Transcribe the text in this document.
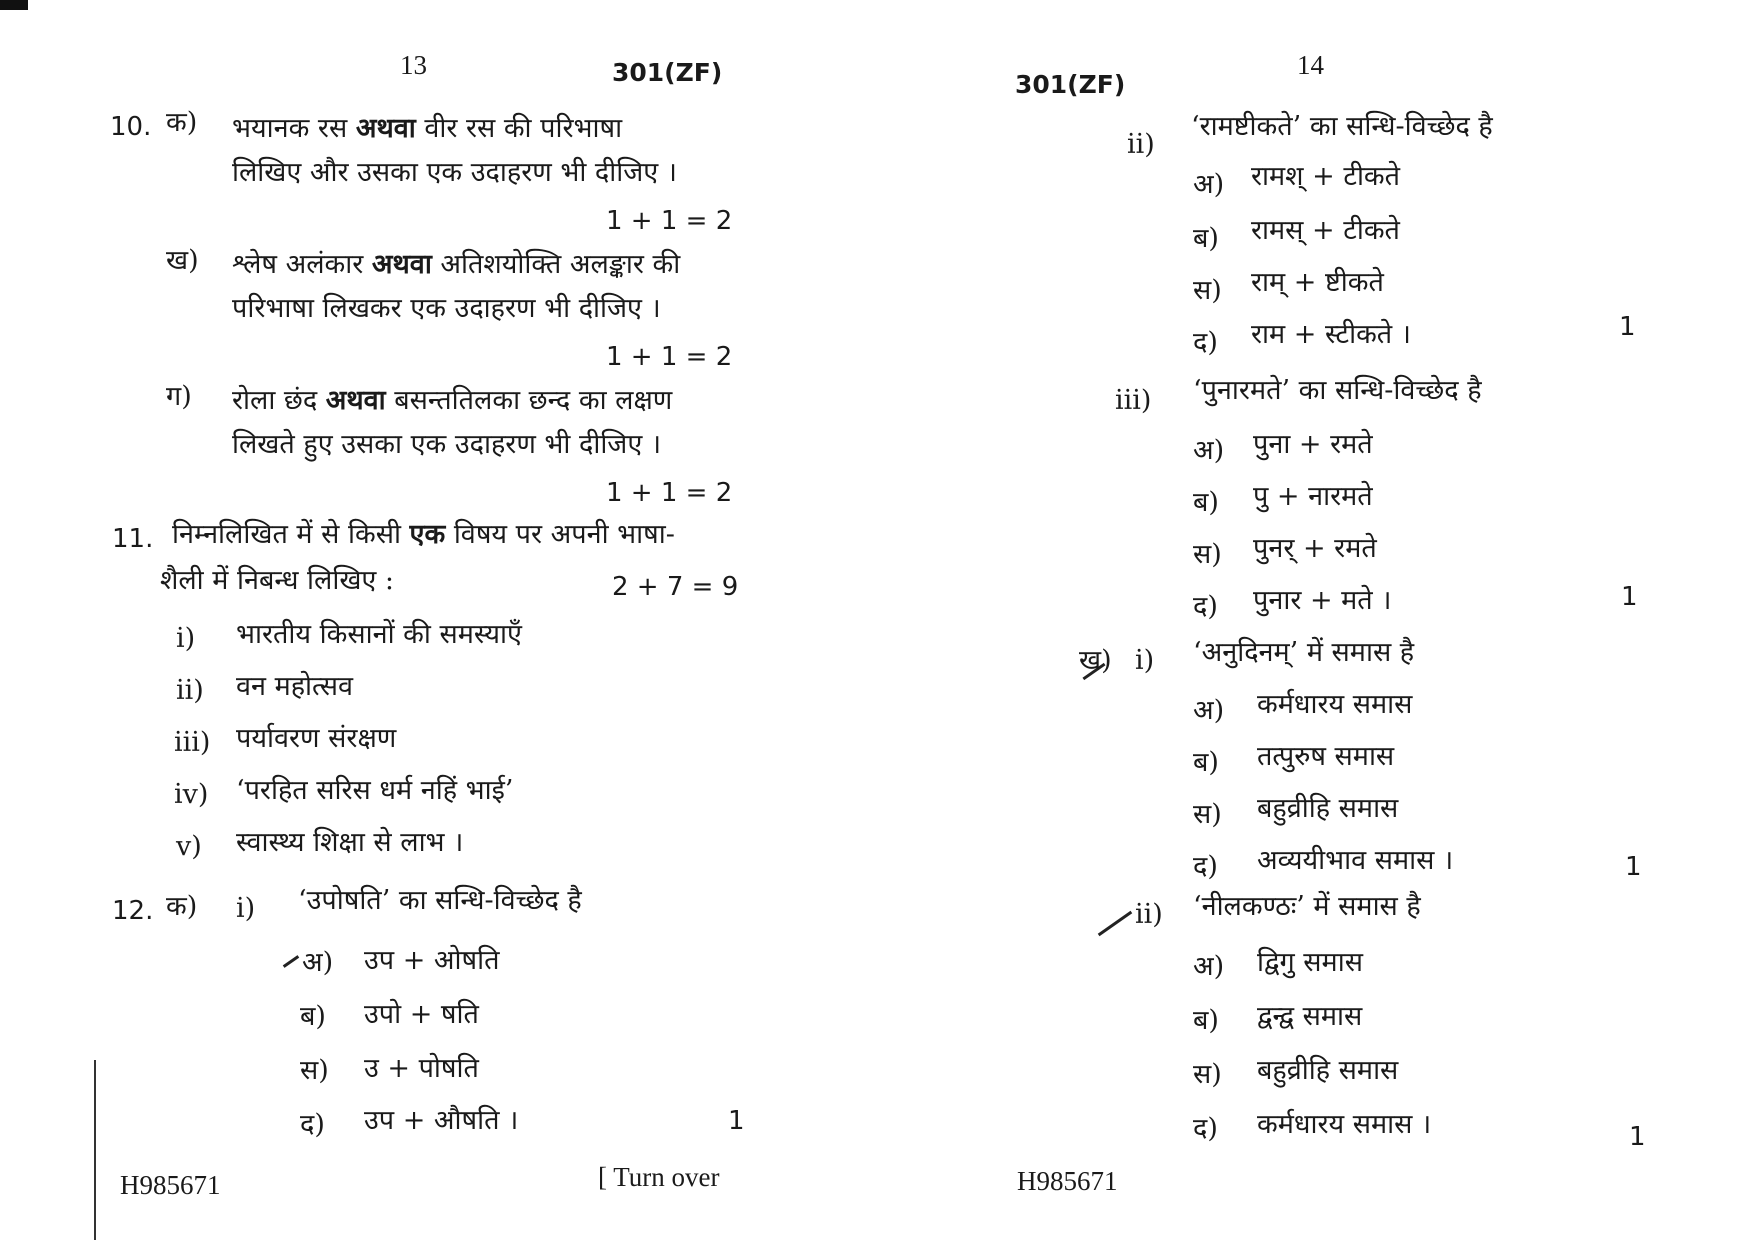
13	301(ZF)
10. क) भयानक रस अथवा वीर रस की परिभाषा
लिखिए और उसका एक उदाहरण भी दीजिए ।
1 + 1 = 2
ख) श्लेष अलंकार अथवा अतिशयोक्ति अलङ्कार की
परिभाषा लिखकर एक उदाहरण भी दीजिए ।
1 + 1 = 2
ग) रोला छंद अथवा बसन्ततिलका छन्द का लक्षण
लिखते हुए उसका एक उदाहरण भी दीजिए ।
1 + 1 = 2
11. निम्नलिखित में से किसी एक विषय पर अपनी भाषा-
शैली में निबन्ध लिखिए :	2 + 7 = 9
i) भारतीय किसानों की समस्याएँ
ii) वन महोत्सव
iii) पर्यावरण संरक्षण
iv) ‘परहित सरिस धर्म नहिं भाई’
v) स्वास्थ्य शिक्षा से लाभ ।
12. क) i) ‘उपोषति’ का सन्धि-विच्छेद है
अ) उप + ओषति
ब) उपो + षति
स) उ + पोषति
द) उप + औषति ।	1
H985671	[ Turn over
301(ZF)
14
ii)
‘रामष्टीकते’ का सन्धि-विच्छेद है
अ) रामश् + टीकते
ब) रामस् + टीकते
स) राम् + ष्टीकते
द) राम + स्टीकते ।	1
iii) ‘पुनारमते’ का सन्धि-विच्छेद है
अ) पुना + रमते
ब) पु + नारमते
स) पुनर् + रमते
द) पुनार + मते ।	1
ख) i) ‘अनुदिनम्’ में समास है
अ) कर्मधारय समास
ब) तत्पुरुष समास
स) बहुव्रीहि समास
द) अव्ययीभाव समास ।	1
ii) ‘नीलकण्ठः’ में समास है
अ) द्विगु समास
ब) द्वन्द्व समास
स) बहुव्रीहि समास
द) कर्मधारय समास ।	1
H985671
